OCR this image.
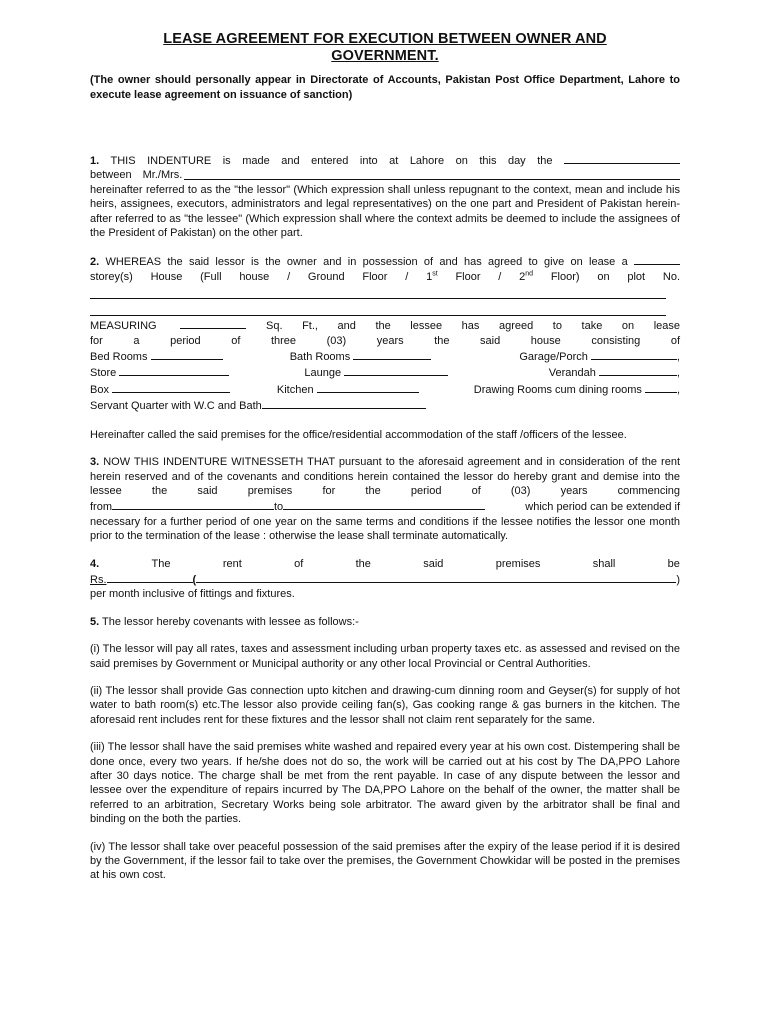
LEASE AGREEMENT FOR EXECUTION BETWEEN OWNER AND
GOVERNMENT.

(The owner should personally appear in Directorate of Accounts, Pakistan Post Office Department, Lahore to execute lease agreement on issuance of sanction)

1. THIS INDENTURE is made and entered into at Lahore on this day the

between Mr./Mrs.

hereinafter referred to as the "the lessor" (Which expression shall unless repugnant to the context, mean and include his heirs, assignees, executors, administrators and legal representatives) on the one part and President of Pakistan herein-after referred to as "the lessee" (Which expression shall where the context admits be deemed to include the assignees of the President of Pakistan) on the other part.

2. WHEREAS the said lessor is the owner and in possession of and has agreed to give on lease a

storey(s) House (Full house / Ground Floor / 1st Floor / 2nd Floor) on plot No.

MEASURING	Sq. Ft., and the lessee has agreed to take on lease

for a period of three (03) years the said house consisting of

Bed Rooms	Bath Rooms	Garage/Porch	,
Store	Launge	Verandah	,
Box	Kitchen	Drawing Rooms cum dining rooms	,

Servant Quarter with W.C and Bath

Hereinafter called the said premises for the office/residential accommodation of the staff /officers of the lessee.

3. NOW THIS INDENTURE WITNESSETH THAT pursuant to the aforesaid agreement and in consideration of the rent herein reserved and of the covenants and conditions herein contained the lessor do hereby grant and demise into the lessee the said premises for the period of (03) years commencing

from	to	which period can be extended if

necessary for a further period of one year on the same terms and conditions if the lessee notifies the lessor one month prior to the termination of the lease : otherwise the lease shall terminate automatically.

4.	The	rent	of	the	said	premises	shall	be

Rs.	(	)

per month inclusive of fittings and fixtures.

5. The lessor hereby covenants with lessee as follows:-

(i) The lessor will pay all rates, taxes and assessment including urban property taxes etc. as assessed and revised on the said premises by Government or Municipal authority or any other local Provincial or Central Authorities.

(ii) The lessor shall provide Gas connection upto kitchen and drawing-cum dinning room and Geyser(s) for supply of hot water to bath room(s) etc.The lessor also provide ceiling fan(s), Gas cooking range & gas burners in the kitchen. The aforesaid rent includes rent for these fixtures and the lessor shall not claim rent separately for the same.

(iii) The lessor shall have the said premises white washed and repaired every year at his own cost. Distempering shall be done once, every two years. If he/she does not do so, the work will be carried out at his cost by The DA,PPO Lahore after 30 days notice. The charge shall be met from the rent payable. In case of any dispute between the lessor and lessee over the expenditure of repairs incurred by The DA,PPO Lahore on the behalf of the owner, the matter shall be referred to an arbitration, Secretary Works being sole arbitrator. The award given by the arbitrator shall be final and binding on the both the parties.

(iv) The lessor shall take over peaceful possession of the said premises after the expiry of the lease period if it is desired by the Government, if the lessor fail to take over the premises, the Government Chowkidar will be posted in the premises at his own cost.
